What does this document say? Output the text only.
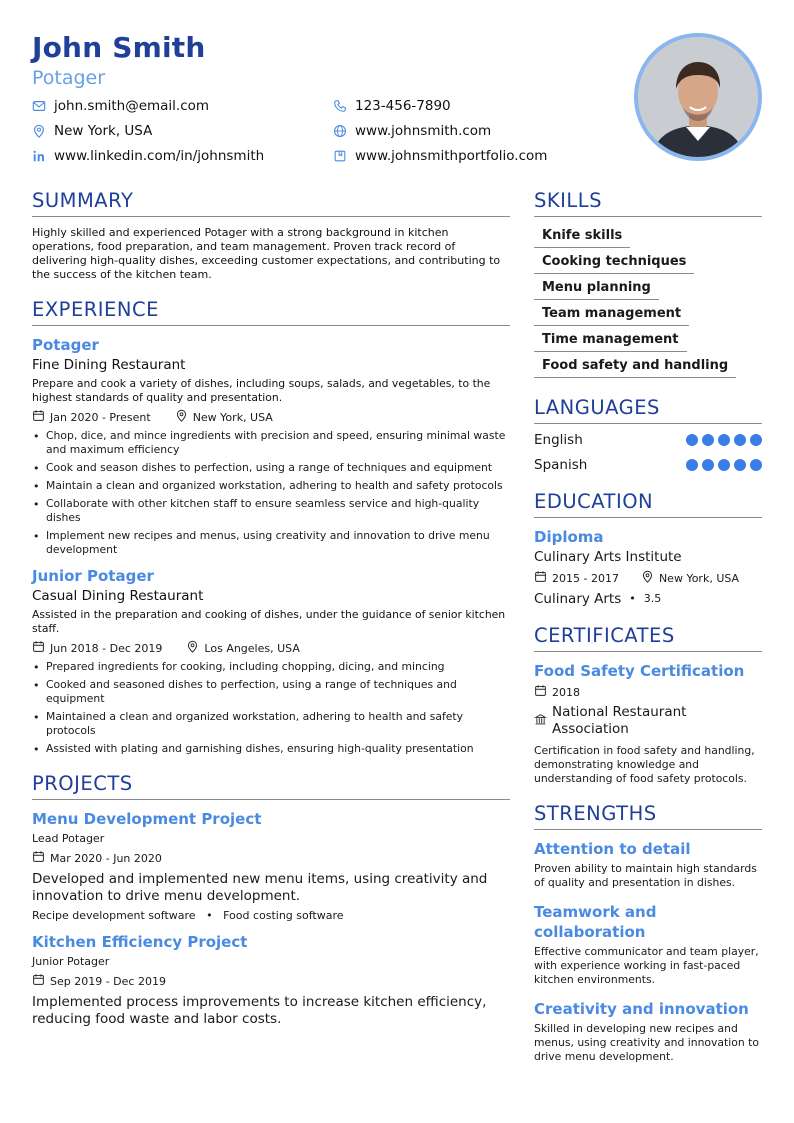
John Smith
Potager
john.smith@email.com	123-456-7890
New York, USA	www.johnsmith.com
www.linkedin.com/in/johnsmith	www.johnsmithportfolio.com
SUMMARY
Highly skilled and experienced Potager with a strong background in kitchen operations, food preparation, and team management. Proven track record of delivering high-quality dishes, exceeding customer expectations, and contributing to the success of the kitchen team.
EXPERIENCE
Potager
Fine Dining Restaurant
Prepare and cook a variety of dishes, including soups, salads, and vegetables, to the highest standards of quality and presentation.
Jan 2020 - Present	New York, USA
• Chop, dice, and mince ingredients with precision and speed, ensuring minimal waste and maximum efficiency
• Cook and season dishes to perfection, using a range of techniques and equipment
• Maintain a clean and organized workstation, adhering to health and safety protocols
• Collaborate with other kitchen staff to ensure seamless service and high-quality dishes
• Implement new recipes and menus, using creativity and innovation to drive menu development
Junior Potager
Casual Dining Restaurant
Assisted in the preparation and cooking of dishes, under the guidance of senior kitchen staff.
Jun 2018 - Dec 2019	Los Angeles, USA
• Prepared ingredients for cooking, including chopping, dicing, and mincing
• Cooked and seasoned dishes to perfection, using a range of techniques and equipment
• Maintained a clean and organized workstation, adhering to health and safety protocols
• Assisted with plating and garnishing dishes, ensuring high-quality presentation
PROJECTS
Menu Development Project
Lead Potager
Mar 2020 - Jun 2020
Developed and implemented new menu items, using creativity and innovation to drive menu development.
Recipe development software • Food costing software
Kitchen Efficiency Project
Junior Potager
Sep 2019 - Dec 2019
Implemented process improvements to increase kitchen efficiency, reducing food waste and labor costs.
SKILLS
Knife skills
Cooking techniques
Menu planning
Team management
Time management
Food safety and handling
LANGUAGES
English
Spanish
EDUCATION
Diploma
Culinary Arts Institute
2015 - 2017	New York, USA
Culinary Arts • 3.5
CERTIFICATES
Food Safety Certification
2018
National Restaurant Association
Certification in food safety and handling, demonstrating knowledge and understanding of food safety protocols.
STRENGTHS
Attention to detail
Proven ability to maintain high standards of quality and presentation in dishes.
Teamwork and collaboration
Effective communicator and team player, with experience working in fast-paced kitchen environments.
Creativity and innovation
Skilled in developing new recipes and menus, using creativity and innovation to drive menu development.
